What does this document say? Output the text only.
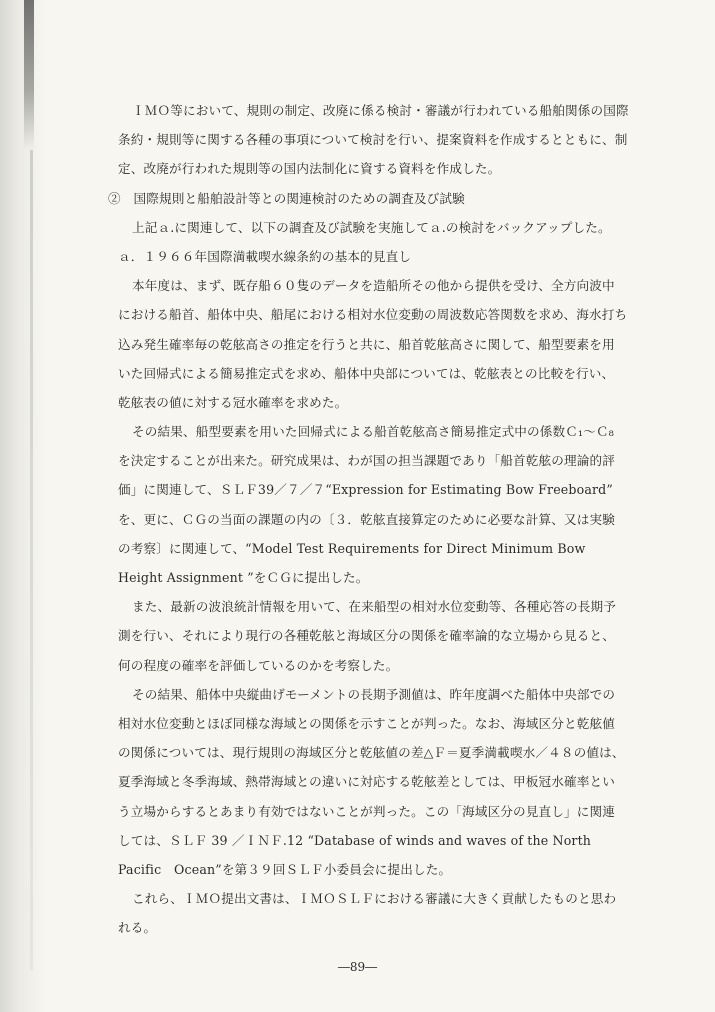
ＩＭＯ等において、規則の制定、改廃に係る検討・審議が行われている船舶関係の国際
条約・規則等に関する各種の事項について検討を行い、提案資料を作成するとともに、制
定、改廃が行われた規則等の国内法制化に資する資料を作成した。
②　国際規則と船舶設計等との関連検討のための調査及び試験
上記ａ.に関連して、以下の調査及び試験を実施してａ.の検討をバックアップした。
ａ．１９６６年国際満載喫水線条約の基本的見直し
本年度は、まず、既存船６０隻のデータを造船所その他から提供を受け、全方向波中
における船首、船体中央、船尾における相対水位変動の周波数応答関数を求め、海水打ち
込み発生確率毎の乾舷高さの推定を行うと共に、船首乾舷高さに関して、船型要素を用
いた回帰式による簡易推定式を求め、船体中央部については、乾舷表との比較を行い、
乾舷表の値に対する冠水確率を求めた。
その結果、船型要素を用いた回帰式による船首乾舷高さ簡易推定式中の係数Ｃ₁～Ｃ₈
を決定することが出来た。研究成果は、わが国の担当課題であり「船首乾舷の理論的評
価」に関連して、ＳＬＦ39／７／７“Expression for Estimating Bow Freeboard”
を、更に、ＣＧの当面の課題の内の〔３．乾舷直接算定のために必要な計算、又は実験
の考察〕に関連して、“Model Test Requirements for Direct Minimum Bow
Height Assignment ”をＣＧに提出した。
また、最新の波浪統計情報を用いて、在来船型の相対水位変動等、各種応答の長期予
測を行い、それにより現行の各種乾舷と海域区分の関係を確率論的な立場から見ると、
何の程度の確率を評価しているのかを考察した。
その結果、船体中央縦曲げモーメントの長期予測値は、昨年度調べた船体中央部での
相対水位変動とほぼ同様な海域との関係を示すことが判った。なお、海域区分と乾舷値
の関係については、現行規則の海域区分と乾舷値の差△Ｆ＝夏季満載喫水／４８の値は、
夏季海域と冬季海域、熱帯海域との違いに対応する乾舷差としては、甲板冠水確率とい
う立場からするとあまり有効ではないことが判った。この「海域区分の見直し」に関連
しては、ＳＬＦ 39 ／ＩＮＦ.12 “Database of winds and waves of the North
Pacific　Ocean”を第３９回ＳＬＦ小委員会に提出した。
これら、ＩＭＯ提出文書は、ＩＭＯＳＬＦにおける審議に大きく貢献したものと思わ
れる。
―89―
